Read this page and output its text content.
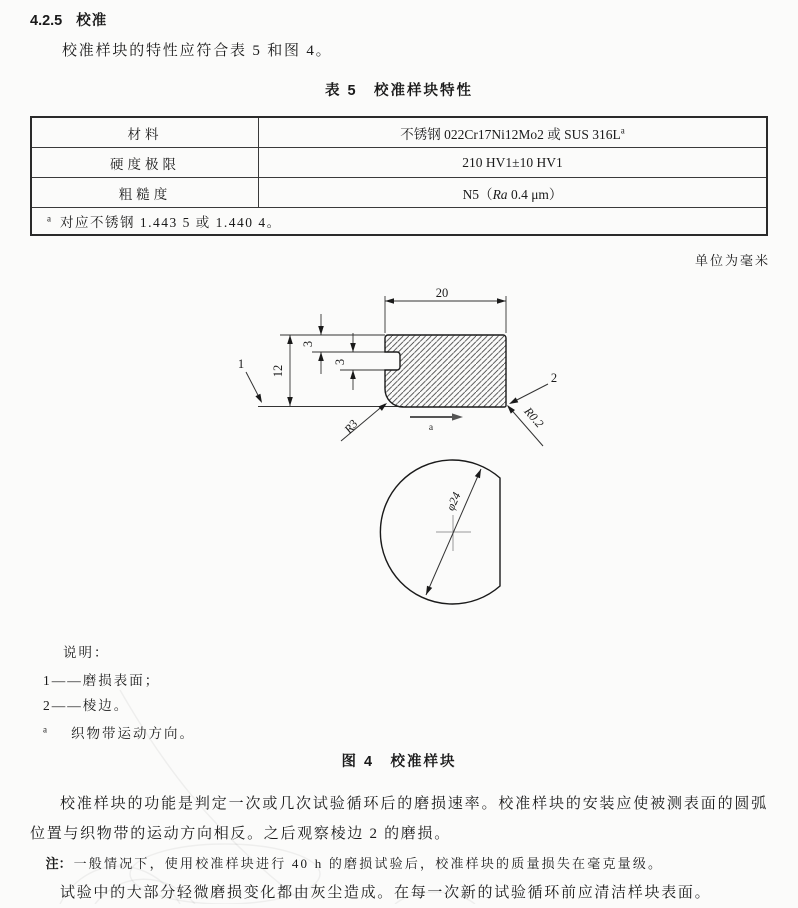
4.2.5 校准
校准样块的特性应符合表 5 和图 4。
表 5　校准样块特性
材料	不锈钢 022Cr17Ni12Mo2 或 SUS $316L^a$
硬度极限	210 HV1±10 HV1
粗糙度	N5（Ra 0.4 μm）
$^a$ 对应不锈钢 1.443 5 或 1.440 4。	
单位为毫米
20
12
3
3
1
2
R3	R0.2
a
φ24
说明：
1——磨损表面；
2——棱边。
$^a$ 织物带运动方向。
图 4　校准样块

校准样块的功能是判定一次或几次试验循环后的磨损速率。校准样块的安装应使被测表面的圆弧位置与织物带的运动方向相反。之后观察棱边 2 的磨损。

注： 一般情况下，使用校准样块进行 40 h 的磨损试验后，校准样块的质量损失在毫克量级。

试验中的大部分轻微磨损变化都由灰尘造成。在每一次新的试验循环前应清洁样块表面。
